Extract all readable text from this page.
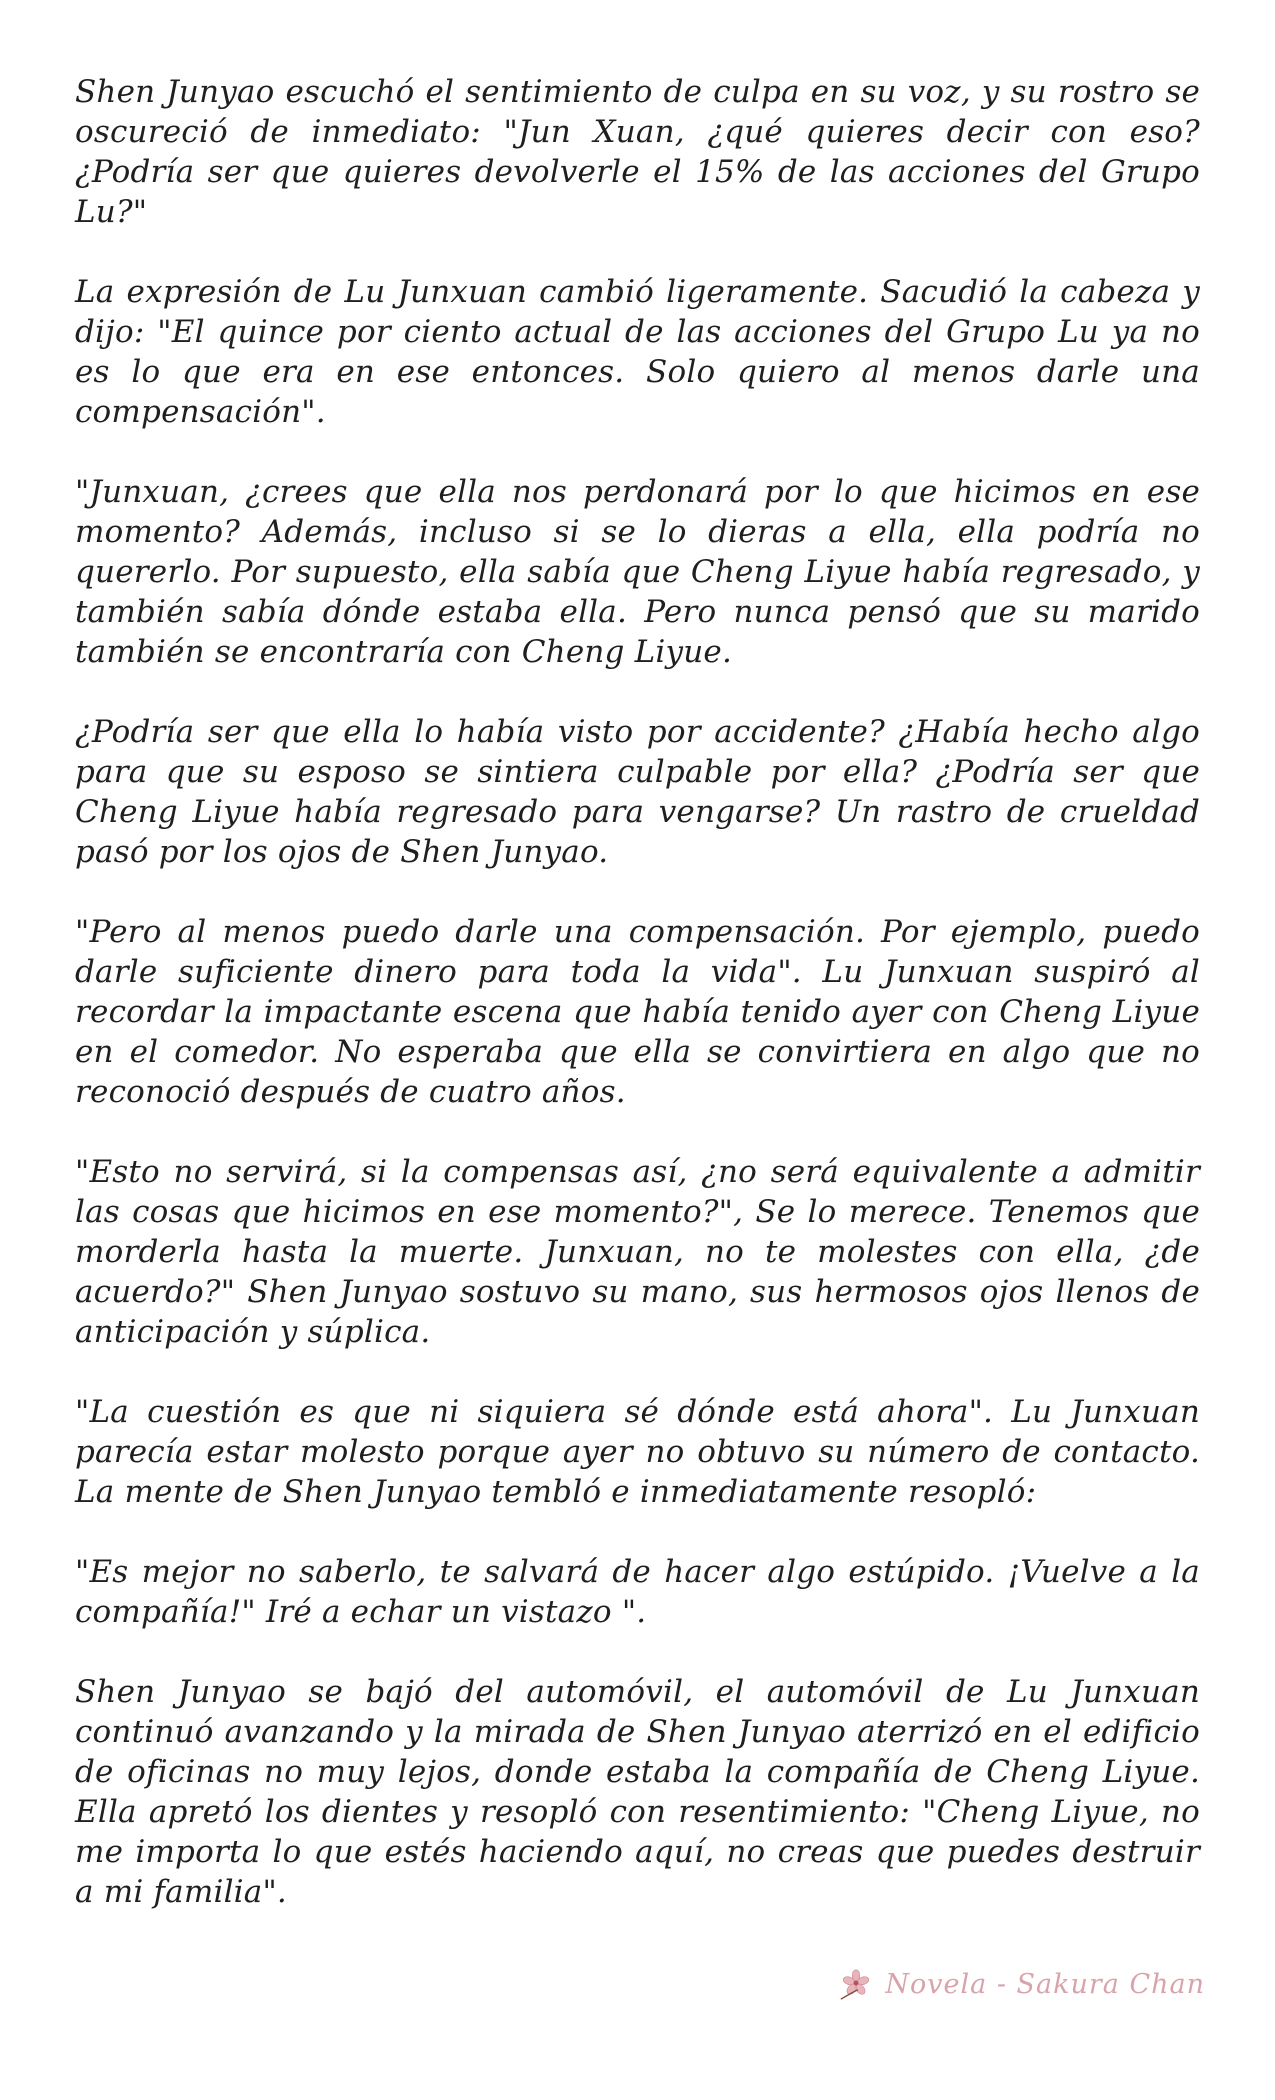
Shen Junyao escuchó el sentimiento de culpa en su voz, y su rostro se oscureció de inmediato: "Jun Xuan, ¿qué quieres decir con eso? ¿Podría ser que quieres devolverle el 15% de las acciones del Grupo Lu?"

La expresión de Lu Junxuan cambió ligeramente. Sacudió la cabeza y dijo: "El quince por ciento actual de las acciones del Grupo Lu ya no es lo que era en ese entonces. Solo quiero al menos darle una compensación".

"Junxuan, ¿crees que ella nos perdonará por lo que hicimos en ese momento? Además, incluso si se lo dieras a ella, ella podría no quererlo. Por supuesto, ella sabía que Cheng Liyue había regresado, y también sabía dónde estaba ella. Pero nunca pensó que su marido también se encontraría con Cheng Liyue.

¿Podría ser que ella lo había visto por accidente? ¿Había hecho algo para que su esposo se sintiera culpable por ella? ¿Podría ser que Cheng Liyue había regresado para vengarse? Un rastro de crueldad pasó por los ojos de Shen Junyao.

"Pero al menos puedo darle una compensación. Por ejemplo, puedo darle suficiente dinero para toda la vida". Lu Junxuan suspiró al recordar la impactante escena que había tenido ayer con Cheng Liyue en el comedor. No esperaba que ella se convirtiera en algo que no reconoció después de cuatro años.

"Esto no servirá, si la compensas así, ¿no será equivalente a admitir las cosas que hicimos en ese momento?", Se lo merece. Tenemos que morderla hasta la muerte. Junxuan, no te molestes con ella, ¿de acuerdo?" Shen Junyao sostuvo su mano, sus hermosos ojos llenos de anticipación y súplica.

"La cuestión es que ni siquiera sé dónde está ahora". Lu Junxuan parecía estar molesto porque ayer no obtuvo su número de contacto. La mente de Shen Junyao tembló e inmediatamente resopló:

"Es mejor no saberlo, te salvará de hacer algo estúpido. ¡Vuelve a la compañía!" Iré a echar un vistazo ".

Shen Junyao se bajó del automóvil, el automóvil de Lu Junxuan continuó avanzando y la mirada de Shen Junyao aterrizó en el edificio de oficinas no muy lejos, donde estaba la compañía de Cheng Liyue. Ella apretó los dientes y resopló con resentimiento: "Cheng Liyue, no me importa lo que estés haciendo aquí, no creas que puedes destruir a mi familia".

Novela - Sakura Chan
